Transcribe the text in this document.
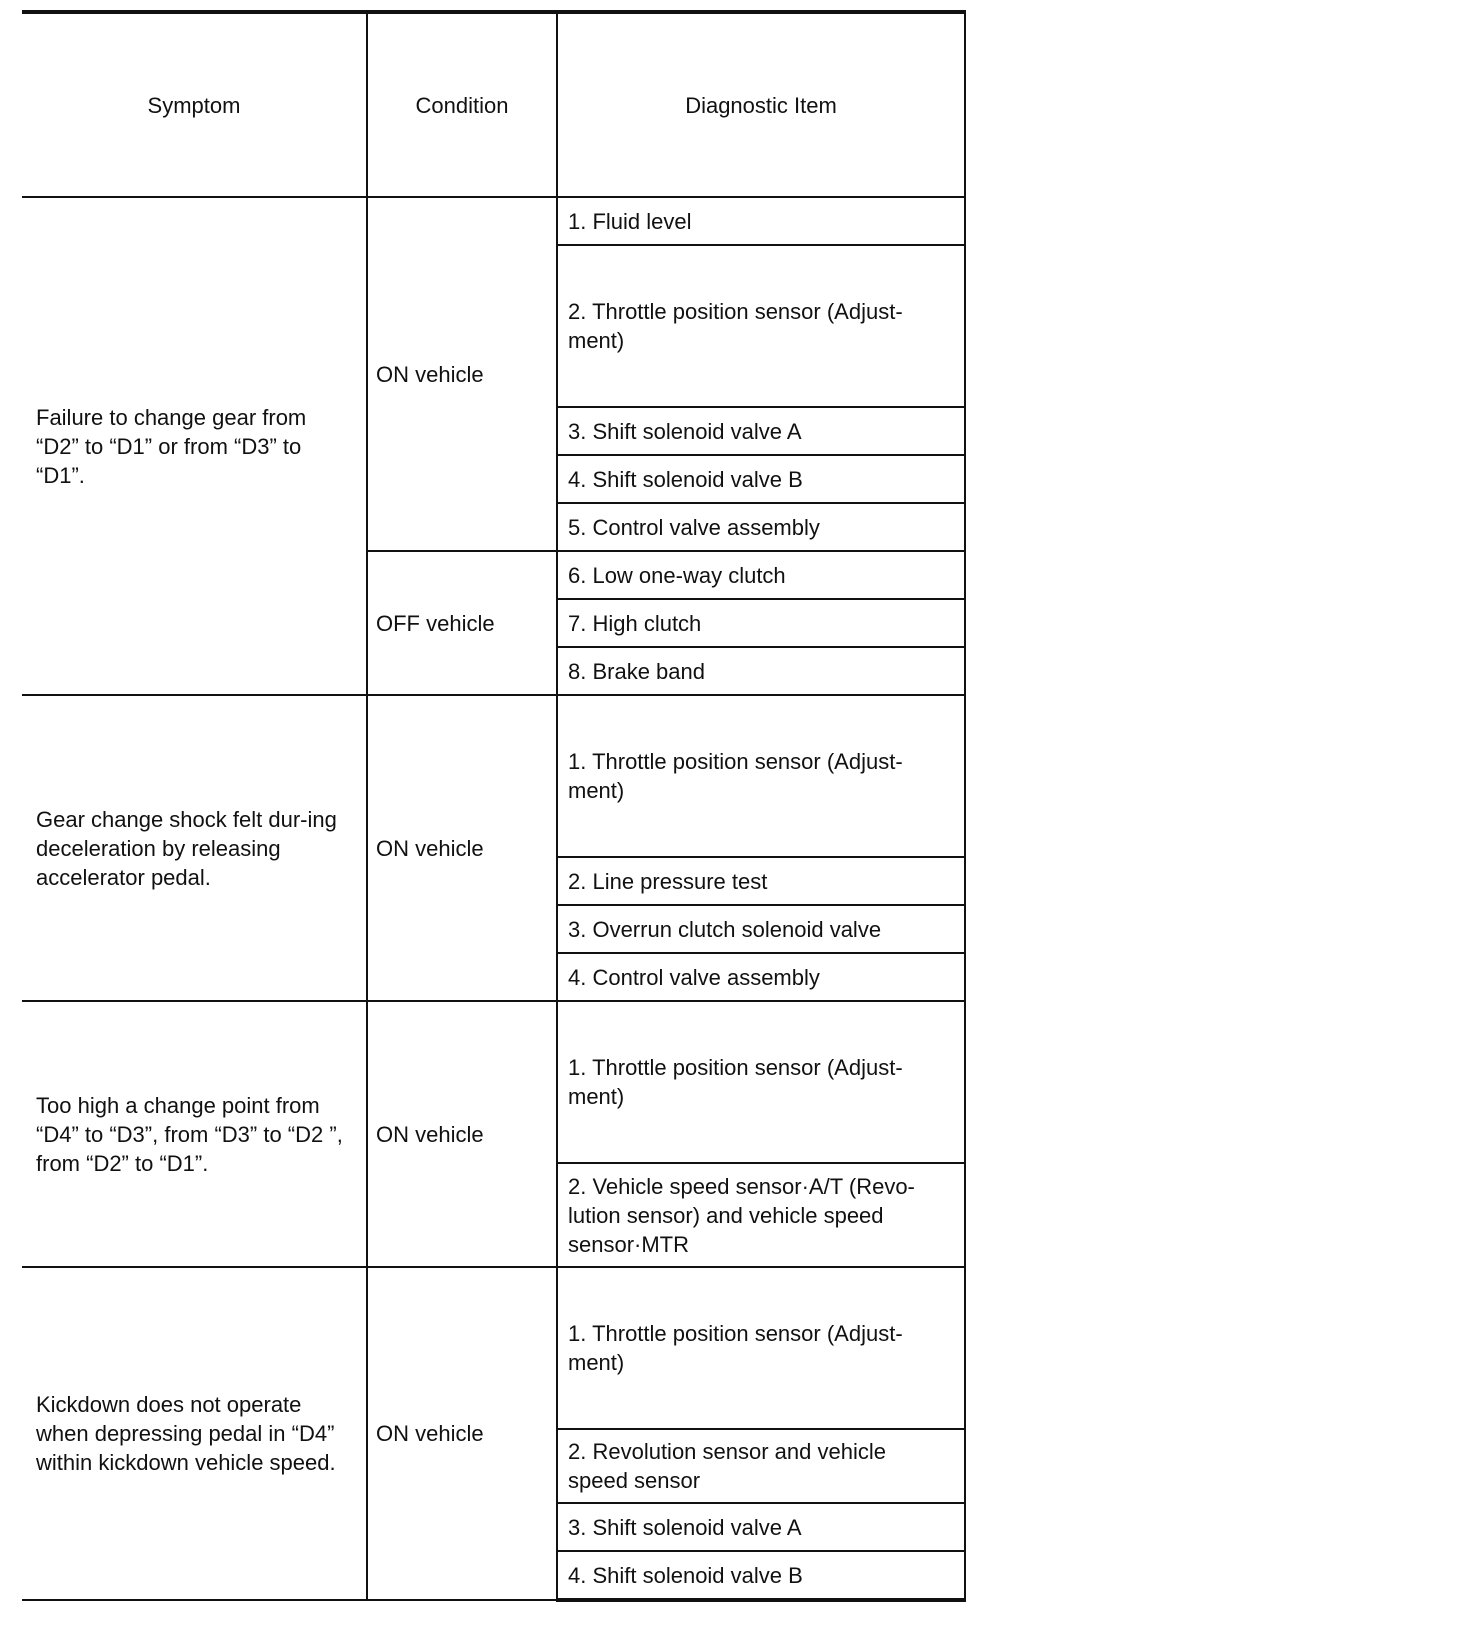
Symptom	Condition	Diagnostic Item
Failure to change gear from “D2” to “D1” or from “D3” to “D1”.	ON vehicle	1. Fluid level
		2. Throttle position sensor (Adjust-ment)
		3. Shift solenoid valve A
		4. Shift solenoid valve B
		5. Control valve assembly
	OFF vehicle	6. Low one-way clutch
		7. High clutch
		8. Brake band
Gear change shock felt dur-ing deceleration by releasing accelerator pedal.	ON vehicle	1. Throttle position sensor (Adjust-ment)
		2. Line pressure test
		3. Overrun clutch solenoid valve
		4. Control valve assembly
Too high a change point from “D4” to “D3”, from “D3” to “D2 ”, from “D2” to “D1”.	ON vehicle	1. Throttle position sensor (Adjust-ment)
		2. Vehicle speed sensor·A/T (Revo-lution sensor) and vehicle speed sensor·MTR
Kickdown does not operate when depressing pedal in “D4” within kickdown vehicle speed.	ON vehicle	1. Throttle position sensor (Adjust-ment)
		2. Revolution sensor and vehicle speed sensor
		3. Shift solenoid valve A
		4. Shift solenoid valve B
